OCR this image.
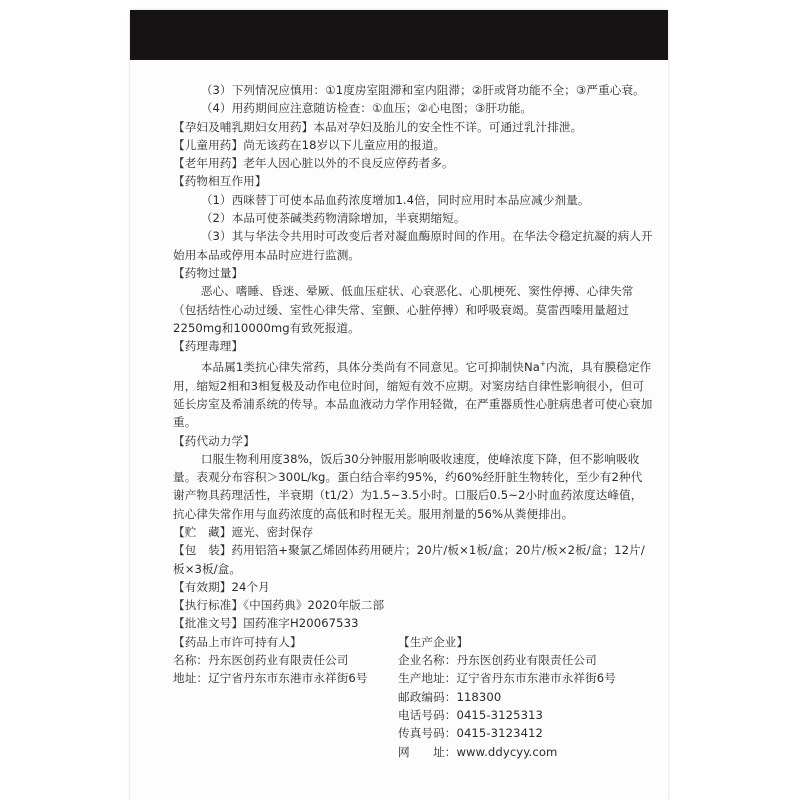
（3）下列情况应慎用：①1度房室阻滞和室内阻滞；②肝或肾功能不全；③严重心衰。

（4）用药期间应注意随访检查：①血压；②心电图；③肝功能。

【 孕妇及哺乳期妇女用药 】 本品对孕妇及胎儿的安全性不详。可通过乳汁排泄。

【 儿童用药 】 尚无该药在18岁以下儿童应用的报道。

【 老年用药 】 老年人因心脏以外的不良反应停药者多。

【 药物相互作用 】

（1）西咪替丁可使本品血药浓度增加1.4倍，同时应用时本品应减少剂量。

（2）本品可使茶碱类药物清除增加，半衰期缩短。

（3）其与华法令共用时可改变后者对凝血酶原时间的作用。在华法令稳定抗凝的病人开始用本品或停用本品时应进行监测。

【 药物过量 】

恶心、嗜睡、昏迷、晕厥、低血压症状、心衰恶化、心肌梗死、窦性停搏、心律失常（包括结性心动过缓、室性心律失常、室颤、心脏停搏）和呼吸衰竭。莫雷西嗪用量超过2250mg和10000mg有致死报道。

【 药理毒理 】

本品属1类抗心律失常药，具体分类尚有不同意见。它可抑制快Na+内流，具有膜稳定作用，缩短2相和3相复极及动作电位时间，缩短有效不应期。对窦房结自律性影响很小，但可延长房室及希浦系统的传导。本品血液动力学作用轻微，在严重器质性心脏病患者可使心衰加重。

【 药代动力学 】

口服生物利用度38%，饭后30分钟服用影响吸收速度，使峰浓度下降，但不影响吸收量。表观分布容积＞300L/kg。蛋白结合率约95%，约60%经肝脏生物转化，至少有2种代谢产物具药理活性，半衰期（t1/2）为1.5~3.5小时。口服后0.5~2小时血药浓度达峰值，抗心律失常作用与血药浓度的高低和时程无关。服用剂量的56%从粪便排出。

【 贮　藏 】 遮光、密封保存

【 包　装 】 药用铝箔+聚氯乙烯固体药用硬片；20片/板×1板/盒；20片/板×2板/盒；12片/板×3板/盒。

【 有效期 】 24个月

【 执行标准 】 《中国药典》2020年版二部

【 批准文号 】 国药准字H20067533

【 药品上市许可持有人 】

名称：丹东医创药业有限责任公司

地址：辽宁省丹东市东港市永祥街6号

【 生产企业 】

企业名称：丹东医创药业有限责任公司

生产地址：辽宁省丹东市东港市永祥街6号

邮政编码：118300

电话号码：0415-3125313

传真号码：0415-3123412

网　　址：www.ddycyy.com
